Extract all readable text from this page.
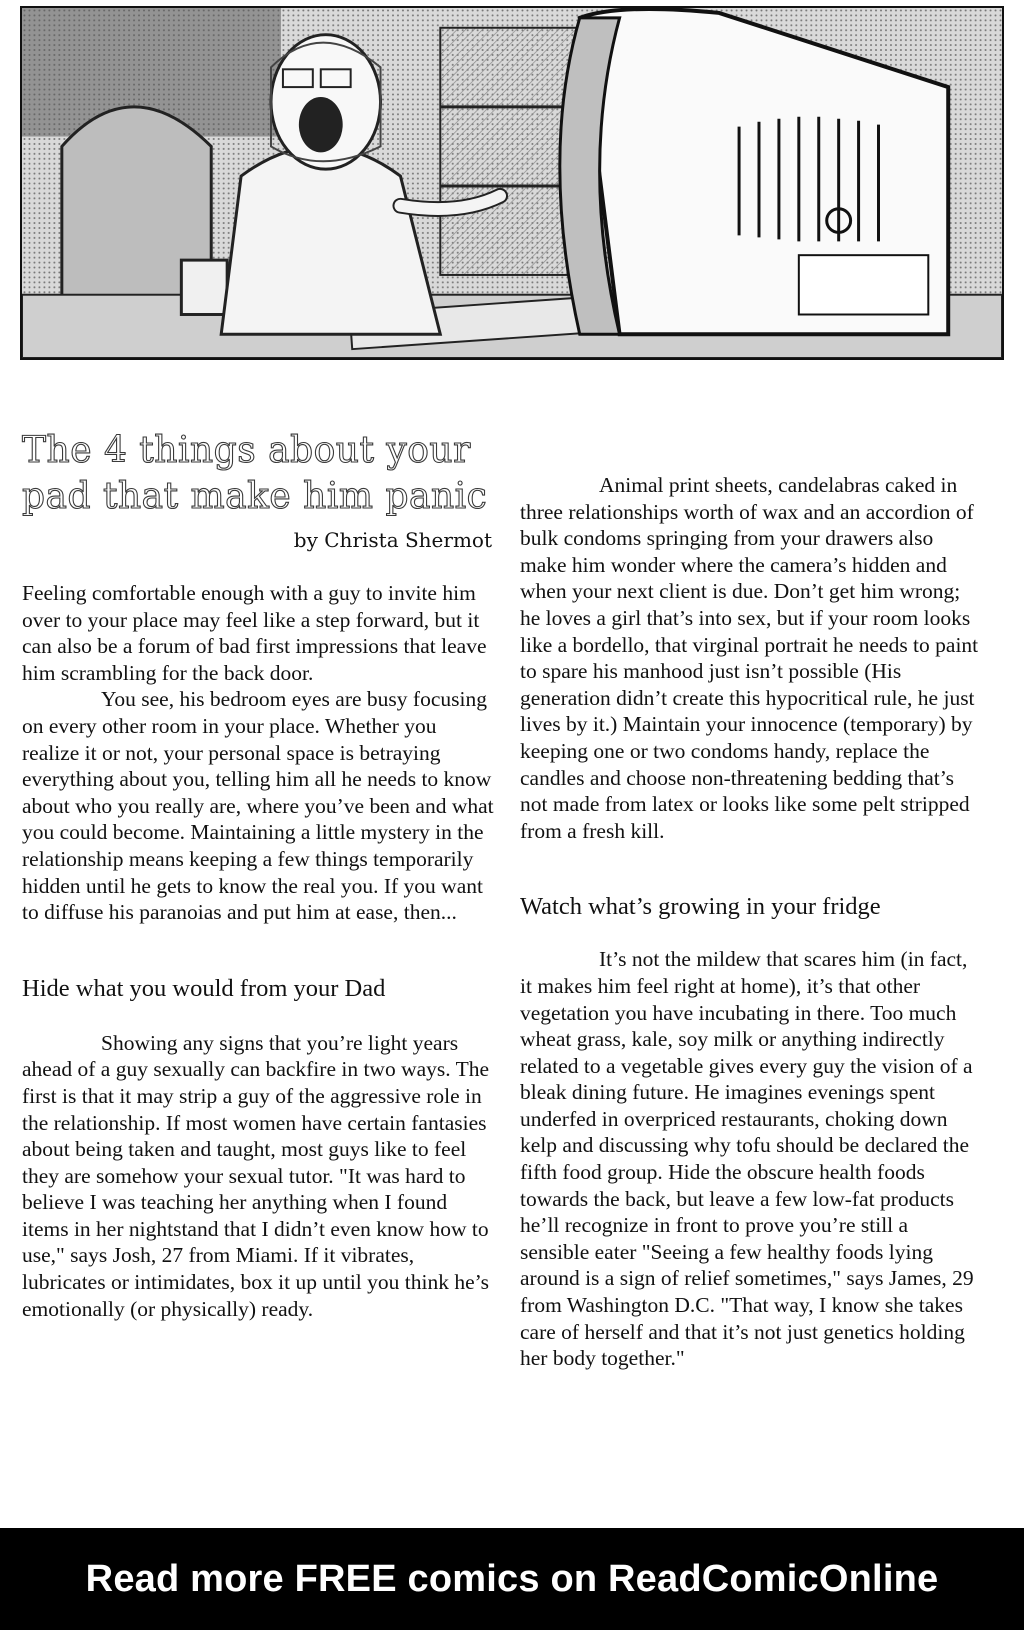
The 4 things about your
pad that make him panic
by Christa Shermot

Feeling comfortable enough with a guy to invite him over to your place may feel like a step forward, but it can also be a forum of bad first impressions that leave him scrambling for the back door.

You see, his bedroom eyes are busy focusing on every other room in your place. Whether you realize it or not, your personal space is betraying everything about you, telling him all he needs to know about who you really are, where you’ve been and what you could become. Maintaining a little mystery in the relationship means keeping a few things temporarily hidden until he gets to know the real you. If you want to diffuse his paranoias and put him at ease, then...

Hide what you would from your Dad

Showing any signs that you’re light years ahead of a guy sexually can backfire in two ways. The first is that it may strip a guy of the aggressive role in the relationship. If most women have certain fantasies about being taken and taught, most guys like to feel they are somehow your sexual tutor. "It was hard to believe I was teaching her anything when I found items in her nightstand that I didn’t even know how to use," says Josh, 27 from Miami. If it vibrates, lubricates or intimidates, box it up until you think he’s emotionally (or physically) ready.

Animal print sheets, candelabras caked in three relationships worth of wax and an accordion of bulk condoms springing from your drawers also make him wonder where the camera’s hidden and when your next client is due. Don’t get him wrong; he loves a girl that’s into sex, but if your room looks like a bordello, that virginal portrait he needs to paint to spare his manhood just isn’t possible (His generation didn’t create this hypocritical rule, he just lives by it.) Maintain your innocence (temporary) by keeping one or two condoms handy, replace the candles and choose non-threatening bedding that’s not made from latex or looks like some pelt stripped from a fresh kill.

Watch what’s growing in your fridge

It’s not the mildew that scares him (in fact, it makes him feel right at home), it’s that other vegetation you have incubating in there. Too much wheat grass, kale, soy milk or anything indirectly related to a vegetable gives every guy the vision of a bleak dining future. He imagines evenings spent underfed in overpriced restaurants, choking down kelp and discussing why tofu should be declared the fifth food group. Hide the obscure health foods towards the back, but leave a few low-fat products he’ll recognize in front to prove you’re still a sensible eater "Seeing a few healthy foods lying around is a sign of relief sometimes," says James, 29 from Washington D.C. "That way, I know she takes care of herself and that it’s not just genetics holding her body together."

Read more FREE comics on ReadComicOnline
